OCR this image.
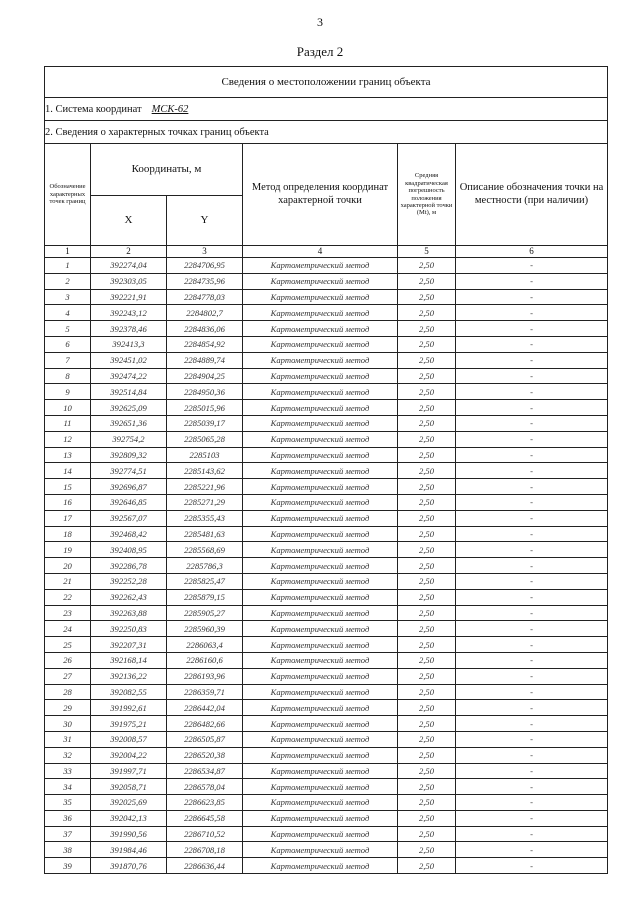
3
Раздел 2
Сведения о местоположении границ объекта					
1. Система координат МСК-62					
2. Сведения о характерных точках границ объекта					
Обозначение характерных точек границ	Координаты, м		Метод определения координат характерной точки	Средняя квадратическая погрешность положения характерной точки (Mt), м	Описание обозначения точки на местности (при наличии)
	X	Y			
1	2	3	4	5	6
1	392274,04	2284706,95	Картометрический метод	2,50	-
2	392303,05	2284735,96	Картометрический метод	2,50	-
3	392221,91	2284778,03	Картометрический метод	2,50	-
4	392243,12	2284802,7	Картометрический метод	2,50	-
5	392378,46	2284836,06	Картометрический метод	2,50	-
6	392413,3	2284854,92	Картометрический метод	2,50	-
7	392451,02	2284889,74	Картометрический метод	2,50	-
8	392474,22	2284904,25	Картометрический метод	2,50	-
9	392514,84	2284950,36	Картометрический метод	2,50	-
10	392625,09	2285015,96	Картометрический метод	2,50	-
11	392651,36	2285039,17	Картометрический метод	2,50	-
12	392754,2	2285065,28	Картометрический метод	2,50	-
13	392809,32	2285103	Картометрический метод	2,50	-
14	392774,51	2285143,62	Картометрический метод	2,50	-
15	392696,87	2285221,96	Картометрический метод	2,50	-
16	392646,85	2285271,29	Картометрический метод	2,50	-
17	392567,07	2285355,43	Картометрический метод	2,50	-
18	392468,42	2285481,63	Картометрический метод	2,50	-
19	392408,95	2285568,69	Картометрический метод	2,50	-
20	392286,78	2285786,3	Картометрический метод	2,50	-
21	392252,28	2285825,47	Картометрический метод	2,50	-
22	392262,43	2285879,15	Картометрический метод	2,50	-
23	392263,88	2285905,27	Картометрический метод	2,50	-
24	392250,83	2285960,39	Картометрический метод	2,50	-
25	392207,31	2286063,4	Картометрический метод	2,50	-
26	392168,14	2286160,6	Картометрический метод	2,50	-
27	392136,22	2286193,96	Картометрический метод	2,50	-
28	392082,55	2286359,71	Картометрический метод	2,50	-
29	391992,61	2286442,04	Картометрический метод	2,50	-
30	391975,21	2286482,66	Картометрический метод	2,50	-
31	392008,57	2286505,87	Картометрический метод	2,50	-
32	392004,22	2286520,38	Картометрический метод	2,50	-
33	391997,71	2286534,87	Картометрический метод	2,50	-
34	392058,71	2286578,04	Картометрический метод	2,50	-
35	392025,69	2286623,85	Картометрический метод	2,50	-
36	392042,13	2286645,58	Картометрический метод	2,50	-
37	391990,56	2286710,52	Картометрический метод	2,50	-
38	391984,46	2286708,18	Картометрический метод	2,50	-
39	391870,76	2286636,44	Картометрический метод	2,50	-
